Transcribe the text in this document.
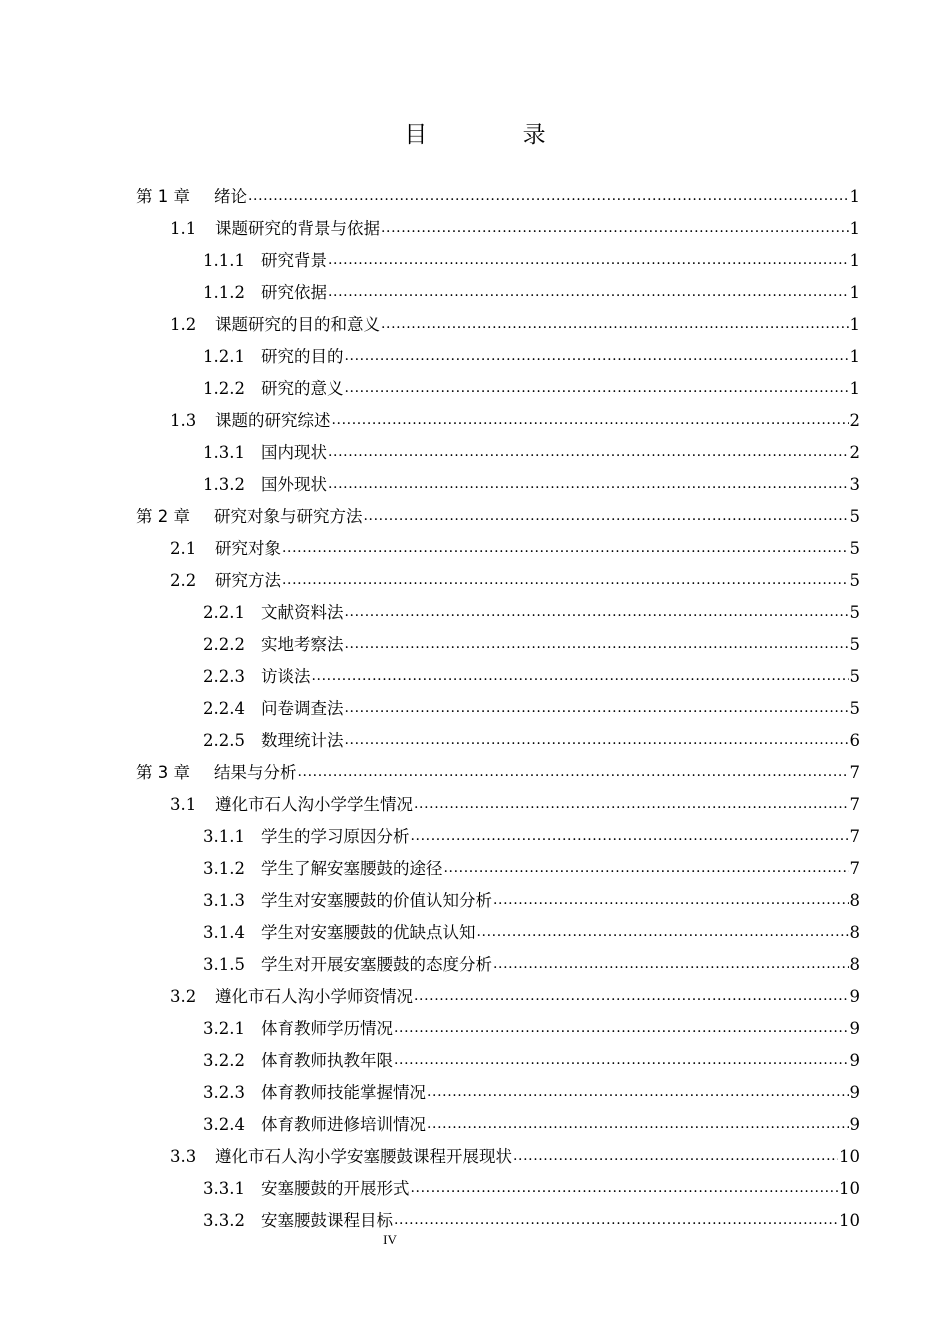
目 录
第 1 章	绪论 .....	1
1.1	课题研究的背景与依据 .....	1
1.1.1 研究背景 .....	1
1.1.2 研究依据 .....	1
1.2	课题研究的目的和意义 .....	1
1.2.1 研究的目的 .....	1
1.2.2 研究的意义 .....	1
1.3	课题的研究综述 .....	2
1.3.1 国内现状 .....	2
1.3.2 国外现状 .....	3
第 2 章	研究对象与研究方法 .....	5
2.1	研究对象 .....	5
2.2	研究方法 .....	5
2.2.1 文献资料法 .....	5
2.2.2 实地考察法 .....	5
2.2.3 访谈法 .....	5
2.2.4 问卷调查法 .....	5
2.2.5 数理统计法 .....	6
第 3 章	结果与分析 .....	7
3.1	遵化市石人沟小学学生情况 .....	7
3.1.1 学生的学习原因分析 .....	7
3.1.2 学生了解安塞腰鼓的途径 .....	7
3.1.3 学生对安塞腰鼓的价值认知分析 .....	8
3.1.4 学生对安塞腰鼓的优缺点认知 .....	8
3.1.5 学生对开展安塞腰鼓的态度分析 .....	8
3.2	遵化市石人沟小学师资情况 .....	9
3.2.1 体育教师学历情况 .....	9
3.2.2 体育教师执教年限 .....	9
3.2.3 体育教师技能掌握情况 .....	9
3.2.4 体育教师进修培训情况 .....	9
3.3	遵化市石人沟小学安塞腰鼓课程开展现状 .....	10
3.3.1 安塞腰鼓的开展形式 .....	10
3.3.2 安塞腰鼓课程目标 .....	10
IV
